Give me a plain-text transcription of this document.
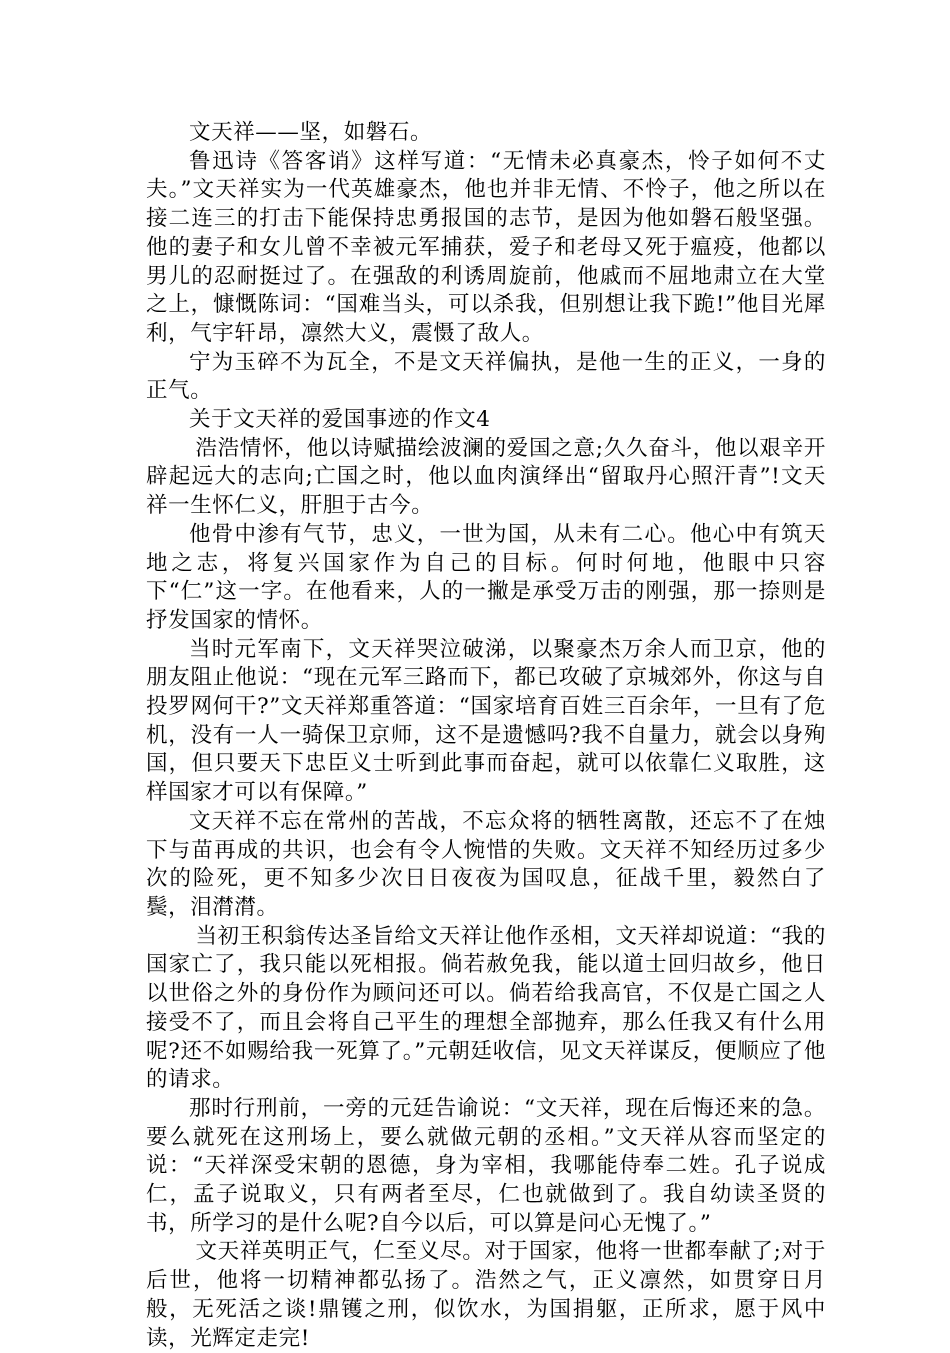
文天祥——坚，如磐石。

鲁迅诗《答客诮》这样写道：“无情未必真豪杰，怜子如何不丈夫。”文天祥实为一代英雄豪杰，他也并非无情、不怜子，他之所以在接二连三的打击下能保持忠勇报国的志节，是因为他如磐石般坚强。他的妻子和女儿曾不幸被元军捕获，爱子和老母又死于瘟疫，他都以男儿的忍耐挺过了。在强敌的利诱周旋前，他戚而不屈地肃立在大堂之上，慷慨陈词：“国难当头，可以杀我，但别想让我下跪!”他目光犀利，气宇轩昂，凛然大义，震慑了敌人。

宁为玉碎不为瓦全，不是文天祥偏执，是他一生的正义，一身的正气。

关于文天祥的爱国事迹的作文4

浩浩情怀，他以诗赋描绘波澜的爱国之意;久久奋斗，他以艰辛开辟起远大的志向;亡国之时，他以血肉演绎出“留取丹心照汗青”!文天祥一生怀仁义，肝胆于古今。

他骨中渗有气节，忠义，一世为国，从未有二心。他心中有筑天地之志，将复兴国家作为自己的目标。何时何地，他眼中只容下“仁”这一字。在他看来，人的一撇是承受万击的刚强，那一捺则是抒发国家的情怀。

当时元军南下，文天祥哭泣破涕，以聚豪杰万余人而卫京，他的朋友阻止他说：“现在元军三路而下，都已攻破了京城郊外，你这与自投罗网何干?”文天祥郑重答道：“国家培育百姓三百余年，一旦有了危机，没有一人一骑保卫京师，这不是遗憾吗?我不自量力，就会以身殉国，但只要天下忠臣义士听到此事而奋起，就可以依靠仁义取胜，这样国家才可以有保障。”

文天祥不忘在常州的苦战，不忘众将的牺牲离散，还忘不了在烛下与苗再成的共识，也会有令人惋惜的失败。文天祥不知经历过多少次的险死，更不知多少次日日夜夜为国叹息，征战千里，毅然白了鬓，泪潸潸。

当初王积翁传达圣旨给文天祥让他作丞相，文天祥却说道：“我的国家亡了，我只能以死相报。倘若赦免我，能以道士回归故乡，他日以世俗之外的身份作为顾问还可以。倘若给我高官，不仅是亡国之人接受不了，而且会将自己平生的理想全部抛弃，那么任我又有什么用呢?还不如赐给我一死算了。”元朝廷收信，见文天祥谋反，便顺应了他的请求。

那时行刑前，一旁的元廷告谕说：“文天祥，现在后悔还来的急。要么就死在这刑场上，要么就做元朝的丞相。”文天祥从容而坚定的说：“天祥深受宋朝的恩德，身为宰相，我哪能侍奉二姓。孔子说成仁，孟子说取义，只有两者至尽，仁也就做到了。我自幼读圣贤的书，所学习的是什么呢?自今以后，可以算是问心无愧了。”

文天祥英明正气，仁至义尽。对于国家，他将一世都奉献了;对于后世，他将一切精神都弘扬了。浩然之气，正义凛然，如贯穿日月般，无死活之谈!鼎镬之刑，似饮水，为国捐躯，正所求，愿于风中读，光辉定走完!
